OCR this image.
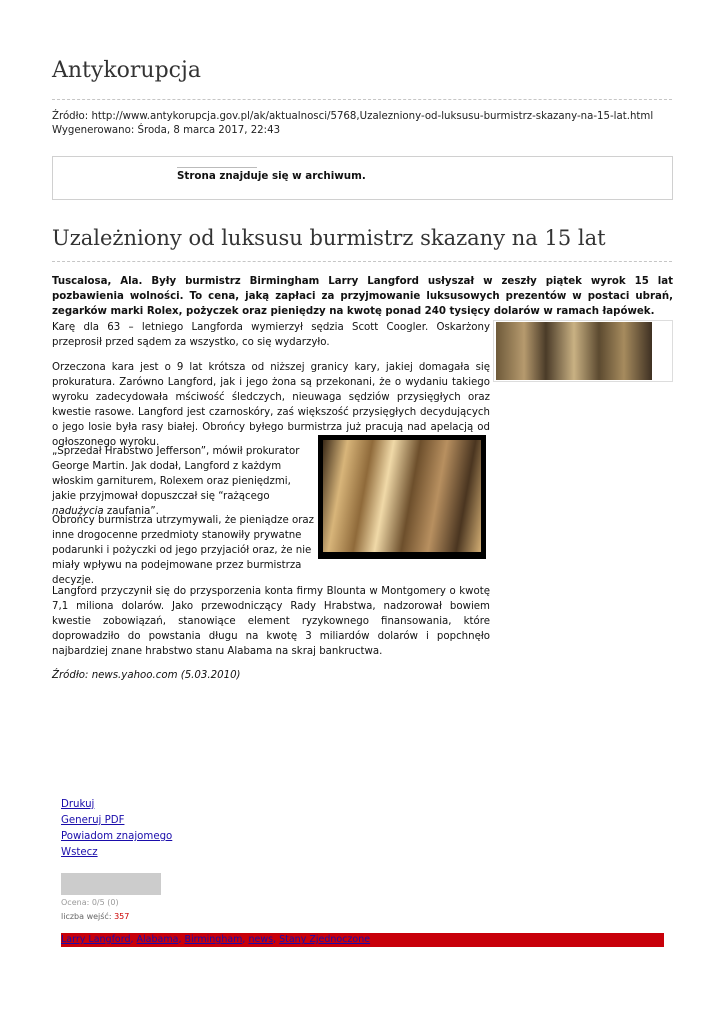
Antykorupcja
Źródło: http://www.antykorupcja.gov.pl/ak/aktualnosci/5768,Uzalezniony-od-luksusu-burmistrz-skazany-na-15-lat.html
Wygenerowano: Środa, 8 marca 2017, 22:43
Strona znajduje się w archiwum.
Uzależniony od luksusu burmistrz skazany na 15 lat

Tuscalosa, Ala. Były burmistrz Birmingham Larry Langford usłyszał w zeszły piątek wyrok 15 lat pozbawienia wolności. To cena, jaką zapłaci za przyjmowanie luksusowych prezentów w postaci ubrań, zegarków marki Rolex, pożyczek oraz pieniędzy na kwotę ponad 240 tysięcy dolarów w ramach łapówek.

Karę dla 63 – letniego Langforda wymierzył sędzia Scott Coogler. Oskarżony przeprosił przed sądem za wszystko, co się wydarzyło.

Orzeczona kara jest o 9 lat krótsza od niższej granicy kary, jakiej domagała się prokuratura. Zarówno Langford, jak i jego żona są przekonani, że o wydaniu takiego wyroku zadecydowała mściwość śledczych, nieuwaga sędziów przysięgłych oraz kwestie rasowe. Langford jest czarnoskóry, zaś większość przysięgłych decydujących o jego losie była rasy białej. Obrońcy byłego burmistrza już pracują nad apelacją od ogłoszonego wyroku.

„Sprzedał Hrabstwo Jefferson”, mówił prokurator George Martin. Jak dodał, Langford z każdym włoskim garniturem, Rolexem oraz pieniędzmi, jakie przyjmował dopuszczał się “rażącego nadużycia zaufania”.

Obrońcy burmistrza utrzymywali, że pieniądze oraz inne drogocenne przedmioty stanowiły prywatne podarunki i pożyczki od jego przyjaciół oraz, że nie miały wpływu na podejmowane przez burmistrza decyzje.

Langford przyczynił się do przysporzenia konta firmy Blounta w Montgomery o kwotę 7,1 miliona dolarów. Jako przewodniczący Rady Hrabstwa, nadzorował bowiem kwestie zobowiązań, stanowiące element ryzykownego finansowania, które doprowadziło do powstania długu na kwotę 3 miliardów dolarów i popchnęło najbardziej znane hrabstwo stanu Alabama na skraj bankructwa.

Źródło: news.yahoo.com (5.03.2010)

Drukuj
Generuj PDF
Powiadom znajomego
Wstecz
Ocena: 0/5 (0)
liczba wejść: 357
Larry Langford, Alabama, Birmingham, news, Stany Zjednoczone
